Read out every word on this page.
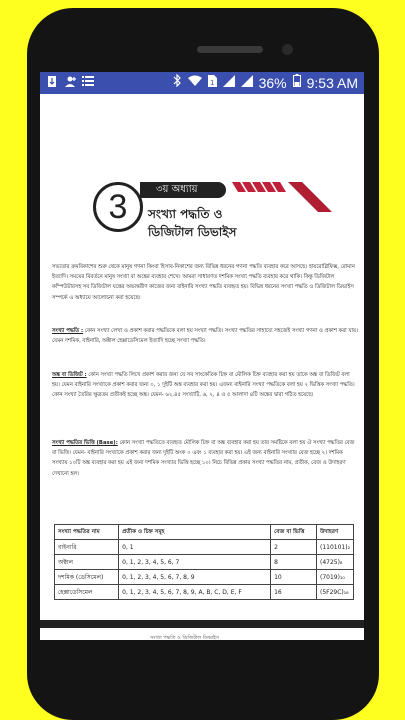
1	36% 9:53 AM
৩য় অধ্যায়
3	সংখ্যা পদ্ধতি ও
ডিজিটাল ডিভাইস
সভ্যতার ক্রমবিকাশের শুরু থেকে মানুষ গণনা কিংবা হিসাব-নিকাশের জন্য বিভিন্ন ধরনের গণনা পদ্ধতি ব্যবহার করে আসছে। হায়রোগ্লিফিক্স, রোমান ইত্যাদি। সময়ের বিবর্তনে মানুষ সংখ্যা বা অঙ্কের ব্যবহার শেখে। আমরা সাধারণত দশমিক সংখ্যা পদ্ধতি ব্যবহার করে থাকি। কিন্তু ডিজিটাল কম্পিউটারসহ সব ডিজিটাল যন্ত্রের অভ্যন্তরীণ কাজের জন্য বাইনারি সংখ্যা পদ্ধতি ব্যবহৃত হয়। বিভিন্ন ধরনের সংখ্যা পদ্ধতি ও ডিজিটাল ডিভাইস সম্পর্কে এ অধ্যায়ে আলোচনা করা হয়েছে।
সংখ্যা পদ্ধতি : কোন সংখ্যা লেখা ও প্রকাশ করার পদ্ধতিকে বলা হয় সংখ্যা পদ্ধতি। সংখ্যা পদ্ধতির সাহায্যে সহজেই সংখ্যা গণনা ও প্রকাশ করা যায়। যেমন দশমিক, বাইনারি, অক্টাল হেক্সাডেসিমেল ইত্যাদি হচ্ছে সংখ্যা পদ্ধতি।
অঙ্ক বা ডিজিট : কোন সংখ্যা পদ্ধতি লিখে প্রকাশ করার জন্য যে সব সাংকেতিক চিহ্ন বা মৌলিক চিহ্ন ব্যবহার করা হয় তাকে অঙ্ক বা ডিজিট বলা হয়। যেমন বাইনারি সংখ্যাকে প্রকাশ করার জন্য ০, ১ দুইটি অঙ্ক ব্যবহার করা হয়। এজন্য বাইনারি সংখ্যা পদ্ধতিকে বলা হয় ২ ভিত্তিক সংখ্যা পদ্ধতি। কোন সংখ্যা তৈরির ক্ষুদ্রতম প্রতীকই হচ্ছে অঙ্ক। যেমন- ৬২,৪৫ সংখ্যাটি, ৬, ২, ৪ ও ৫ আলাদা ৪টি অঙ্কের দ্বারা গঠিত হয়েছে।
সংখ্যা পদ্ধতির ভিত্তি (Base): কোন সংখ্যা পদ্ধতিতে ব্যবহৃত মৌলিক চিহ্ন বা অঙ্ক ব্যবহার করা হয় তার সমষ্টিকে বলা হয় ঐ সংখ্যা পদ্ধতির বেজ বা ভিত্তি। যেমন- বাইনারি সংখ্যাকে প্রকাশ করার জন্য দুইটি অংক ০ এবং ১ ব্যবহার করা হয়। এই জন্য বাইনারি সংখ্যার বেজ হচ্ছে ২। দশমিক সংখ্যায় ১০টি অঙ্ক ব্যবহার করা হয় এই জন্য দশমিক সংখ্যার ভিত্তি হচ্ছে ১০। নিচে বিভিন্ন প্রকার সংখ্যা পদ্ধতির নাম, প্রতীক, বেজ ও উদাহরণ দেখানো হল।
সংখ্যা পদ্ধতির নাম	প্রতীক ও চিহ্ন সমূহ	বেজ বা ভিত্তি	উদাহরণ
বাইনারি	0, 1	2	(110101)₂
অক্টাল	0, 1, 2, 3, 4, 5, 6, 7	8	(4725)₈
দশমিক (ডেসিমেল)	0, 1, 2, 3, 4, 5, 6, 7, 8, 9	10	(7019)₁₀
হেক্সাডেসিমেল	0, 1, 2, 3, 4, 5, 6, 7, 8, 9, A, B, C, D, E, F	16	(5F29C)₁₆
সংখ্যা পদ্ধতি ও ডিজিটাল ডিভাইস
